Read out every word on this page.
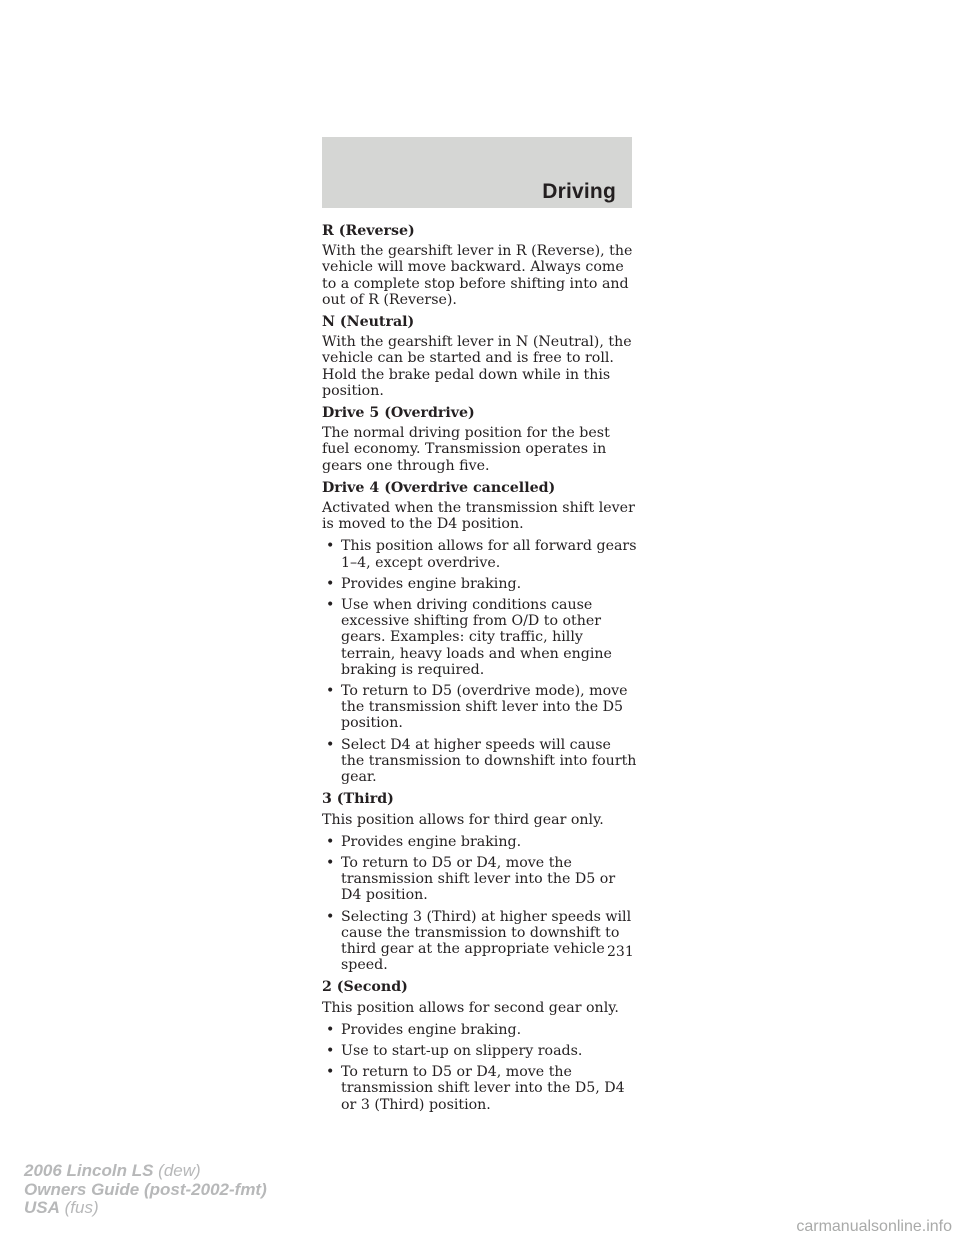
Driving
R (Reverse)
With the gearshift lever in R (Reverse), the vehicle will move backward. Always come to a complete stop before shifting into and out of R (Reverse).
N (Neutral)
With the gearshift lever in N (Neutral), the vehicle can be started and is free to roll. Hold the brake pedal down while in this position.
Drive 5 (Overdrive)
The normal driving position for the best fuel economy. Transmission operates in gears one through five.
Drive 4 (Overdrive cancelled)
Activated when the transmission shift lever is moved to the D4 position.
• This position allows for all forward gears 1–4, except overdrive.
• Provides engine braking.
• Use when driving conditions cause excessive shifting from O/D to other gears. Examples: city traffic, hilly terrain, heavy loads and when engine braking is required.
• To return to D5 (overdrive mode), move the transmission shift lever into the D5 position.
• Select D4 at higher speeds will cause the transmission to downshift into fourth gear.
3 (Third)
This position allows for third gear only.
• Provides engine braking.
• To return to D5 or D4, move the transmission shift lever into the D5 or D4 position.
• Selecting 3 (Third) at higher speeds will cause the transmission to downshift to third gear at the appropriate vehicle speed.
2 (Second)
This position allows for second gear only.
• Provides engine braking.
• Use to start-up on slippery roads.
• To return to D5 or D4, move the transmission shift lever into the D5, D4 or 3 (Third) position.
231
2006 Lincoln LS (dew)
Owners Guide (post-2002-fmt)
USA (fus)
carmanualsonline.info
